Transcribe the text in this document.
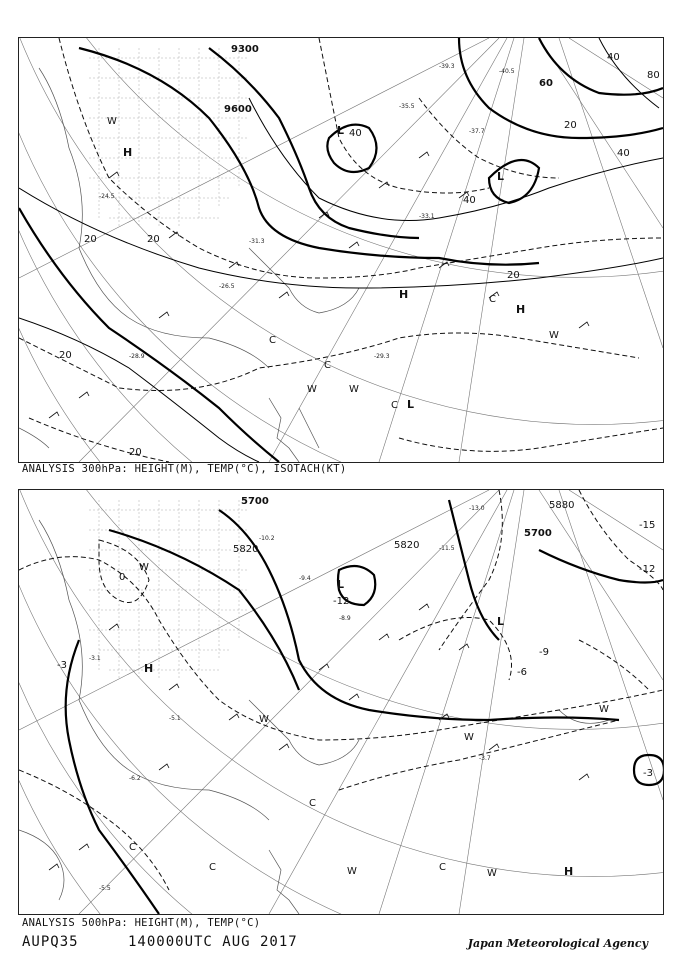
-24.5
-26.5
-28.9	-29.3
-31.3
-33.1
-35.5
-37.7
-39.3
-40.5
9300
9600
20	20
20
20
20
20
40
40
40
40
60
80
H
L
L
H
H
L
C
C
C
C
W
W	W
W
ANALYSIS 300hPa: HEIGHT(M), TEMP(°C), ISOTACH(KT)
-3.1
-5.1
-6.2
-8.9
-9.4
-10.2
-11.5
-13.0
-3.7
-5.5
5700
5820	5820
5700
5880
-3
-3
0
-6
-9
-12
-12
-15
L
L
H
H
W
W
W
W
W	W
C
C	C
C
ANALYSIS 500hPa: HEIGHT(M), TEMP(°C)
AUPQ35	140000UTC AUG 2017	Japan Meteorological Agency
